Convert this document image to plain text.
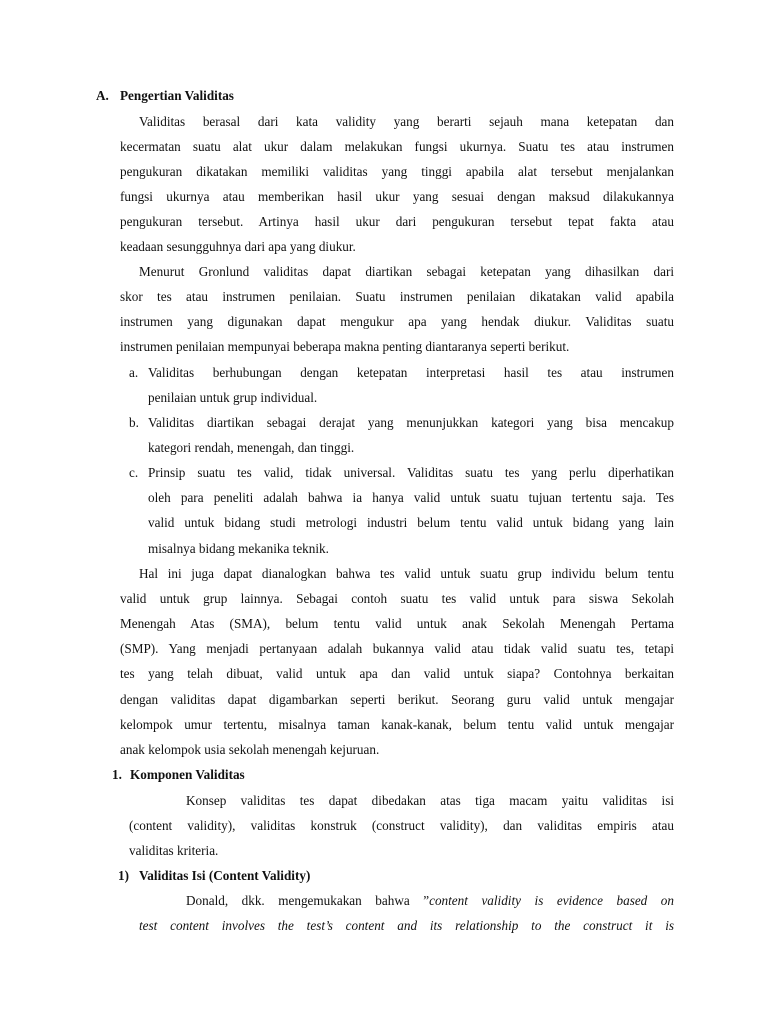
A. Pengertian Validitas
Validitas berasal dari kata validity yang berarti sejauh mana ketepatan dan
kecermatan suatu alat ukur dalam melakukan fungsi ukurnya. Suatu tes atau instrumen
pengukuran dikatakan memiliki validitas yang tinggi apabila alat tersebut menjalankan
fungsi ukurnya atau memberikan hasil ukur yang sesuai dengan maksud dilakukannya
pengukuran tersebut. Artinya hasil ukur dari pengukuran tersebut tepat fakta atau
keadaan sesungguhnya dari apa yang diukur.
Menurut Gronlund validitas dapat diartikan sebagai ketepatan yang dihasilkan dari
skor tes atau instrumen penilaian. Suatu instrumen penilaian dikatakan valid apabila
instrumen yang digunakan dapat mengukur apa yang hendak diukur. Validitas suatu
instrumen penilaian mempunyai beberapa makna penting diantaranya seperti berikut.
a. Validitas berhubungan dengan ketepatan interpretasi hasil tes atau instrumen
penilaian untuk grup individual.
b. Validitas diartikan sebagai derajat yang menunjukkan kategori yang bisa mencakup
kategori rendah, menengah, dan tinggi.
c. Prinsip suatu tes valid, tidak universal. Validitas suatu tes yang perlu diperhatikan
oleh para peneliti adalah bahwa ia hanya valid untuk suatu tujuan tertentu saja. Tes
valid untuk bidang studi metrologi industri belum tentu valid untuk bidang yang lain
misalnya bidang mekanika teknik.
Hal ini juga dapat dianalogkan bahwa tes valid untuk suatu grup individu belum tentu
valid untuk grup lainnya. Sebagai contoh suatu tes valid untuk para siswa Sekolah
Menengah Atas (SMA), belum tentu valid untuk anak Sekolah Menengah Pertama
(SMP). Yang menjadi pertanyaan adalah bukannya valid atau tidak valid suatu tes, tetapi
tes yang telah dibuat, valid untuk apa dan valid untuk siapa? Contohnya berkaitan
dengan validitas dapat digambarkan seperti berikut. Seorang guru valid untuk mengajar
kelompok umur tertentu, misalnya taman kanak-kanak, belum tentu valid untuk mengajar
anak kelompok usia sekolah menengah kejuruan.
1. Komponen Validitas
Konsep validitas tes dapat dibedakan atas tiga macam yaitu validitas isi
(content validity), validitas konstruk (construct validity), dan validitas empiris atau
validitas kriteria.
1) Validitas Isi (Content Validity)
Donald, dkk. mengemukakan bahwa ”content validity is evidence based on
test content involves the test’s content and its relationship to the construct it is
